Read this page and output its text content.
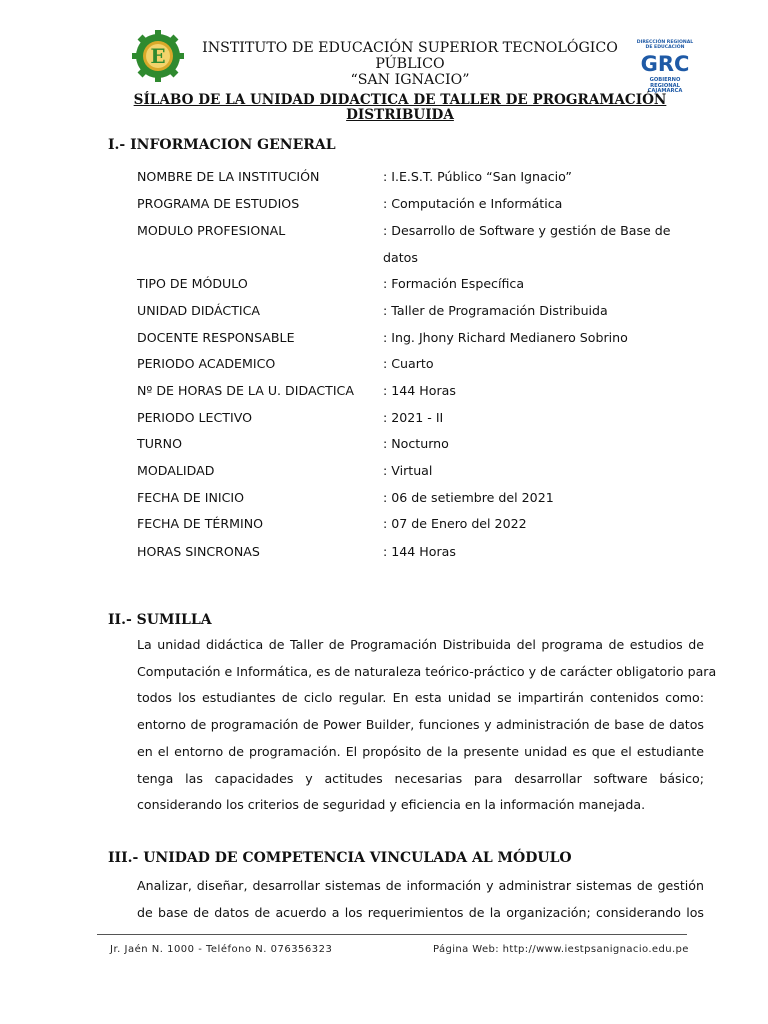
E	INSTITUTO DE EDUCACIÓN SUPERIOR TECNOLÓGICO PÚBLICO
“SAN IGNACIO”
DIRECCIÓN REGIONAL DE EDUCACIÓN
GRC
GOBIERNO REGIONAL CAJAMARCA
SÍLABO DE LA UNIDAD DIDACTICA DE TALLER DE PROGRAMACIÓN
DISTRIBUIDA
I.- INFORMACION GENERAL
NOMBRE DE LA INSTITUCIÓN	: I.E.S.T. Público “San Ignacio”
PROGRAMA DE ESTUDIOS	: Computación e Informática
MODULO PROFESIONAL	: Desarrollo de Software y gestión de Base de
datos
TIPO DE MÓDULO	: Formación Específica
UNIDAD DIDÁCTICA	: Taller de Programación Distribuida
DOCENTE RESPONSABLE	: Ing. Jhony Richard Medianero Sobrino
PERIODO ACADEMICO	: Cuarto
Nº DE HORAS DE LA U. DIDACTICA : 144 Horas
PERIODO LECTIVO	: 2021 - II
TURNO	: Nocturno
MODALIDAD	: Virtual
FECHA DE INICIO	: 06 de setiembre del 2021
FECHA DE TÉRMINO	: 07 de Enero del 2022
HORAS SINCRONAS	: 144 Horas
II.- SUMILLA
La unidad didáctica de Taller de Programación Distribuida del programa de estudios de
Computación e Informática, es de naturaleza teórico-práctico y de carácter obligatorio para
todos los estudiantes de ciclo regular. En esta unidad se impartirán contenidos como:
entorno de programación de Power Builder, funciones y administración de base de datos
en el entorno de programación. El propósito de la presente unidad es que el estudiante
tenga las capacidades y actitudes necesarias para desarrollar software básico;
considerando los criterios de seguridad y eficiencia en la información manejada.
III.- UNIDAD DE COMPETENCIA VINCULADA AL MÓDULO
Analizar, diseñar, desarrollar sistemas de información y administrar sistemas de gestión
de base de datos de acuerdo a los requerimientos de la organización; considerando los
Jr. Jaén N. 1000 - Teléfono N. 076356323	Página Web: http://www.iestpsanignacio.edu.pe
